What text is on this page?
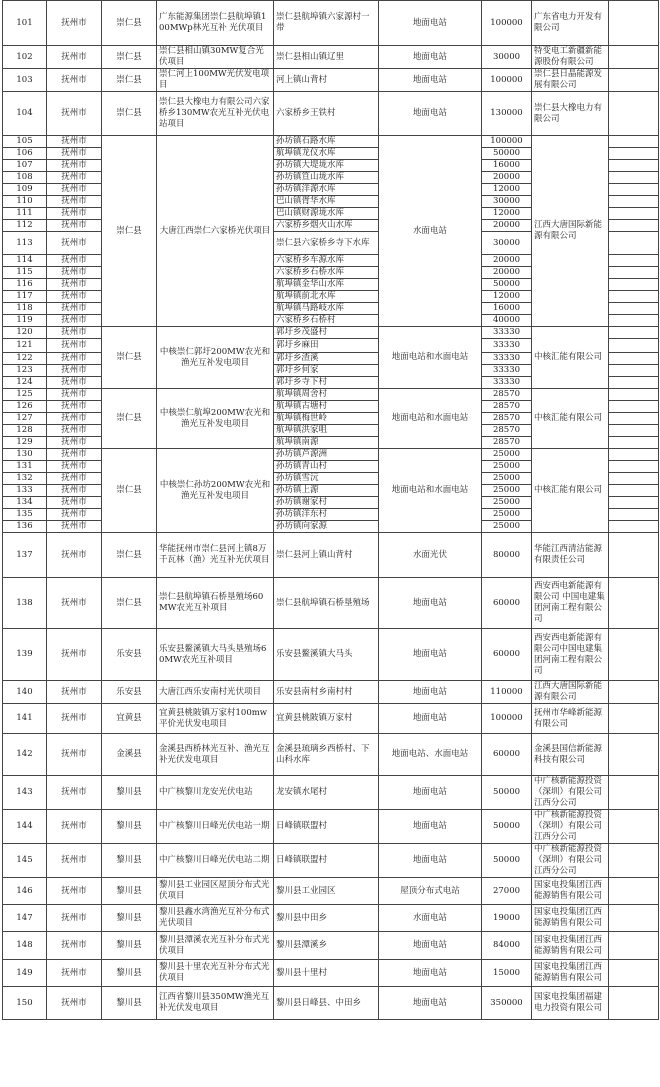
101	抚州市	崇仁县	广东能源集团崇仁县航埠镇100MWp林光互补 光伏项目	崇仁县航埠镇六家源村一带	地面电站	100000	广东省电力开发有限公司	
102	抚州市	崇仁县	崇仁县相山镇30MW复合光伏项目	崇仁县相山镇辽里	地面电站	30000	特变电工新疆新能源股份有限公司	
103	抚州市	崇仁县	崇仁河上100MW光伏发电项目	河上镇山背村	地面电站	100000	崇仁县日晶能源发展有限公司	
104	抚州市	崇仁县	崇仁县大橡电力有限公司六家桥乡130MW农光互补光伏电站项目	六家桥乡王铁村	地面电站	130000	崇仁县大橡电力有限公司	
105	抚州市	崇仁县	大唐江西崇仁六家桥光伏项目	孙坊镇石路水库	水面电站	100000	江西大唐国际新能源有限公司	
106	抚州市			航埠镇龙仪水库		50000		
107	抚州市			孙坊镇大堤垅水库		16000		
108	抚州市			孙坊镇笪山垅水库		20000		
109	抚州市			孙坊镇洋源水库		12000		
110	抚州市			巴山镇胥华水库		30000		
111	抚州市			巴山镇财源垅水库		12000		
112	抚州市			六家桥乡烟火山水库		20000		
113	抚州市			崇仁县六家桥乡寺下水库		30000		
114	抚州市			六家桥乡车源水库		20000		
115	抚州市			六家桥乡石桥水库		20000		
116	抚州市			航埠镇金华山水库		50000		
117	抚州市			航埠镇前北水库		12000		
118	抚州市			航埠镇马路岐水库		16000		
119	抚州市			六家桥乡石桥村		40000		
120	抚州市	崇仁县	中核崇仁郭圩200MW农光和渔光互补发电项目	郭圩乡茂盛村	地面电站和水面电站	33330	中核汇能有限公司	
121	抚州市			郭圩乡麻田		33330		
122	抚州市			郭圩乡渣溪		33330		
123	抚州市			郭圩乡何家		33330		
124	抚州市			郭圩乡寺下村		33330		
125	抚州市	崇仁县	中核崇仁航埠200MW农光和渔光互补发电项目	航埠镇周舍村	地面电站和水面电站	28570	中核汇能有限公司	
126	抚州市			航埠镇古塘村		28570		
127	抚州市			航埠镇梅世岭		28570		
128	抚州市			航埠镇洪家咀		28570		
129	抚州市			航埠镇南源		28570		
130	抚州市	崇仁县	中核崇仁孙坊200MW农光和渔光互补发电项目	孙坊镇芦源洲	地面电站和水面电站	25000	中核汇能有限公司	
131	抚州市			孙坊镇青山村		25000		
132	抚州市			孙坊镇雪沅		25000		
133	抚州市			孙坊镇上源		25000		
134	抚州市			孙坊镇谢家村		25000		
135	抚州市			孙坊镇洋东村		25000		
136	抚州市			孙坊镇向家源		25000		
137	抚州市	崇仁县	华能抚州市崇仁县河上镇8万千瓦林（渔）光互补光伏项目	崇仁县河上镇山背村	水面光伏	80000	华能江西清洁能源有限责任公司	
138	抚州市	崇仁县	崇仁县航埠镇石桥垦殖场60MW农光互补项目	崇仁县航埠镇石桥垦殖场	地面电站	60000	西安西电新能源有限公司 中国电建集团河南工程有限公司	
139	抚州市	乐安县	乐安县鳌溪镇大马头垦殖场60MW农光互补项目	乐安县鳌溪镇大马头	地面电站	60000	西安西电新能源有限公司中国电建集团河南工程有限公司	
140	抚州市	乐安县	大唐江西乐安南村光伏项目	乐安县南村乡南村村	地面电站	110000	江西大唐国际新能源有限公司	
141	抚州市	宜黄县	宜黄县桃陂镇万家村100mw平价光伏发电项目	宜黄县桃陂镇万家村	地面电站	100000	抚州市华峰新能源有限公司	
142	抚州市	金溪县	金溪县西桥林光互补、渔光互补光伏发电项目	金溪县琉璃乡西桥村、下山科水库	地面电站、水面电站	60000	金溪县国信新能源科技有限公司	
143	抚州市	黎川县	中广核黎川龙安光伏电站	龙安镇水尾村	地面电站	50000	中广核新能源投资（深圳）有限公司江西分公司	
144	抚州市	黎川县	中广核黎川日峰光伏电站一期	日峰镇联盟村	地面电站	50000	中广核新能源投资（深圳）有限公司江西分公司	
145	抚州市	黎川县	中广核黎川日峰光伏电站二期	日峰镇联盟村	地面电站	50000	中广核新能源投资（深圳）有限公司江西分公司	
146	抚州市	黎川县	黎川县工业园区屋顶分布式光伏项目	黎川县工业园区	屋顶分布式电站	27000	国家电投集团江西能源销售有限公司	
147	抚州市	黎川县	黎川县鑫水湾渔光互补分布式光伏项目	黎川县中田乡	水面电站	19000	国家电投集团江西能源销售有限公司	
148	抚州市	黎川县	黎川县潭溪农光互补分布式光伏项目	黎川县潭溪乡	地面电站	84000	国家电投集团江西能源销售有限公司	
149	抚州市	黎川县	黎川县十里农光互补分布式光伏项目	黎川县十里村	地面电站	15000	国家电投集团江西能源销售有限公司	
150	抚州市	黎川县	江西省黎川县350MW渔光互补光伏发电项目	黎川县日峰县、中田乡	地面电站	350000	国家电投集团福建电力投资有限公司	
